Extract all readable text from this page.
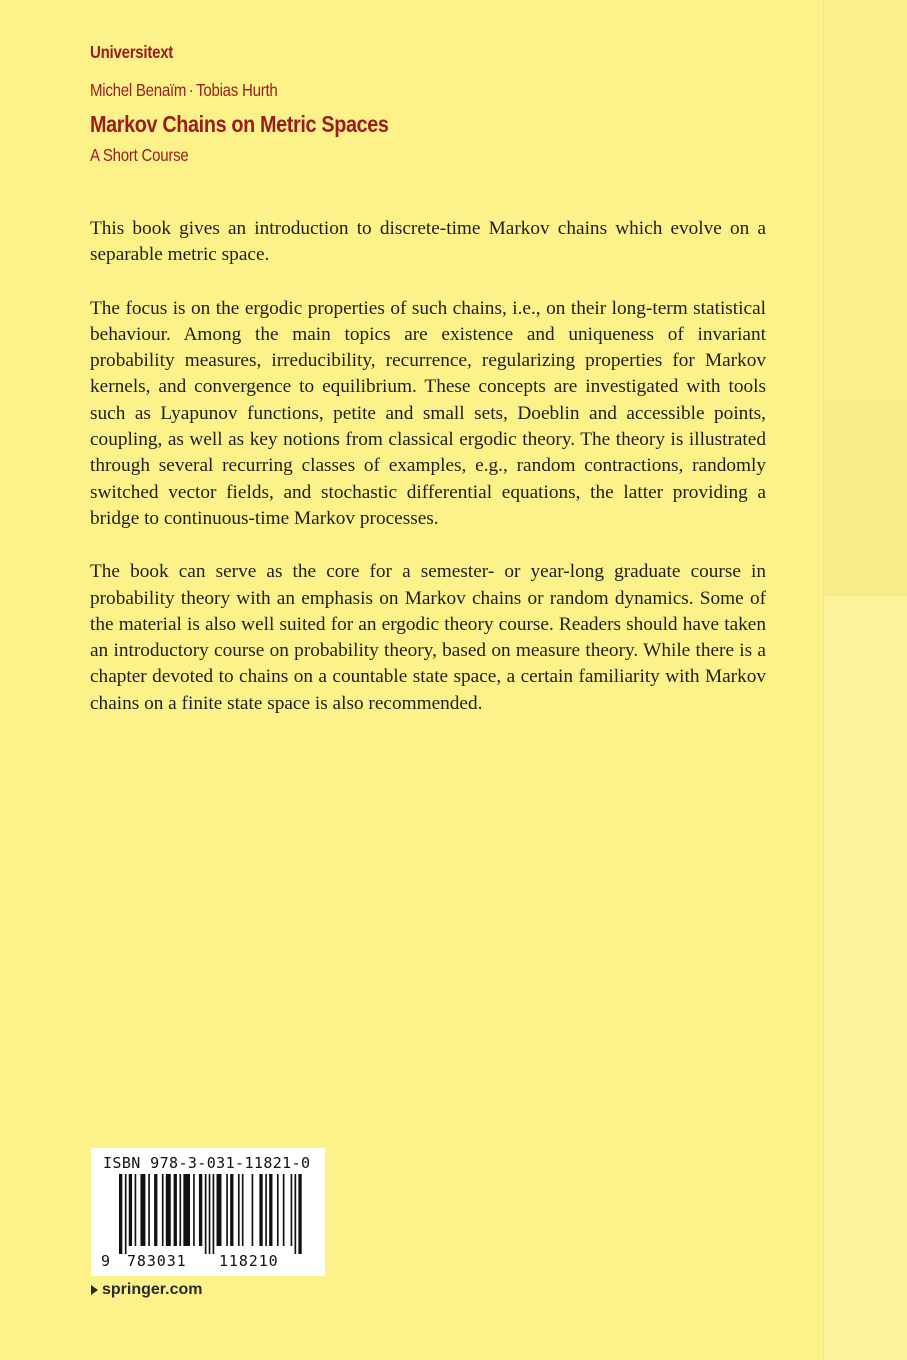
Universitext
Michel Benaïm · Tobias Hurth
Markov Chains on Metric Spaces
A Short Course

This book gives an introduction to discrete-time Markov chains which evolve on a separable metric space.

The focus is on the ergodic properties of such chains, i.e., on their long-term statistical behaviour. Among the main topics are existence and uniqueness of invariant probability measures, irreducibility, recurrence, regularizing properties for Markov kernels, and convergence to equilibrium. These concepts are investigated with tools such as Lyapunov functions, petite and small sets, Doeblin and accessible points, coupling, as well as key notions from classical ergodic theory. The theory is illustrated through several recurring classes of examples, e.g., random contractions, randomly switched vector fields, and stochastic differential equations, the latter providing a bridge to continuous-time Markov processes.

The book can serve as the core for a semester- or year-long graduate course in probability theory with an emphasis on Markov chains or random dynamics. Some of the material is also well suited for an ergodic theory course. Readers should have taken an introductory course on probability theory, based on measure theory. While there is a chapter devoted to chains on a countable state space, a certain familiarity with Markov chains on a finite state space is also recommended.

ISBN 978-3-031-11821-0
9 783031 118210
springer.com
